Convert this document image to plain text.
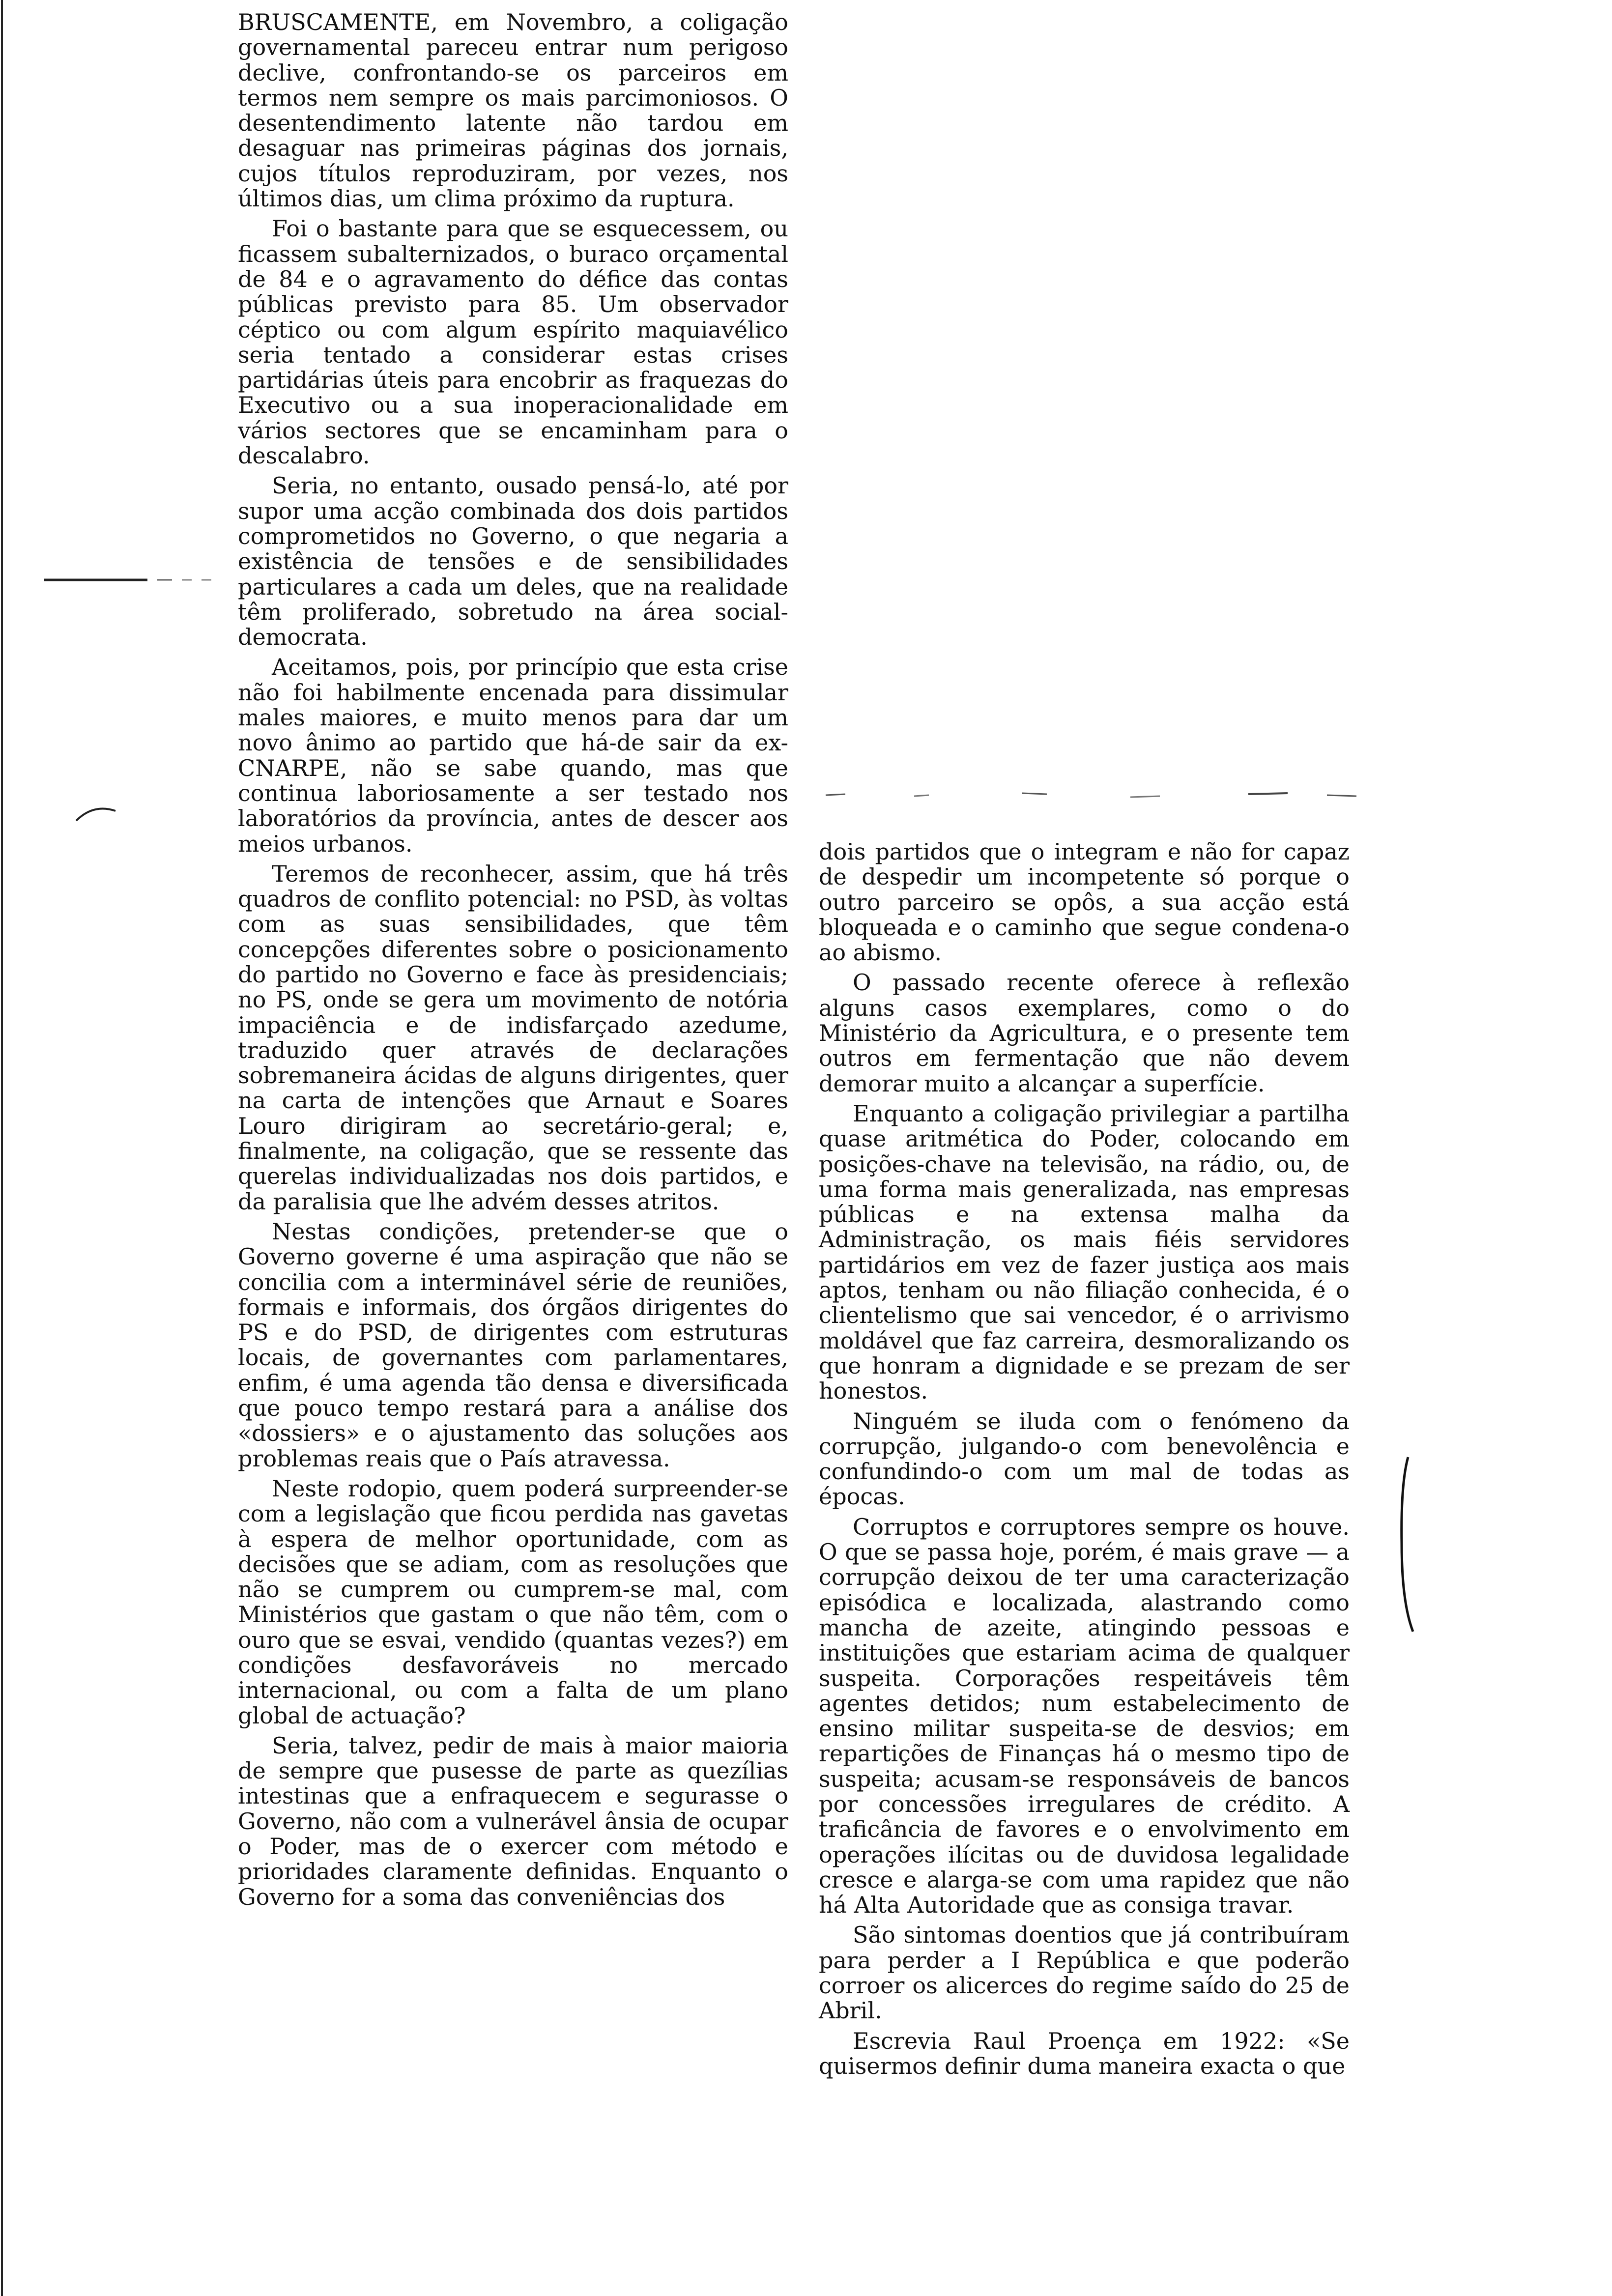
BRUSCAMENTE, em Novembro, a coligação governamental pareceu entrar num perigoso declive, confrontando-se os parceiros em termos nem sempre os mais parcimoniosos. O desentendimento latente não tardou em desaguar nas primeiras páginas dos jornais, cujos títulos reproduziram, por vezes, nos últimos dias, um clima próximo da ruptura.

Foi o bastante para que se esquecessem, ou ficassem subalternizados, o buraco orçamental de 84 e o agravamento do défice das contas públicas previsto para 85. Um observador céptico ou com algum espírito maquiavélico seria tentado a considerar estas crises partidárias úteis para encobrir as fraquezas do Executivo ou a sua inoperacionalidade em vários sectores que se encaminham para o descalabro.

Seria, no entanto, ousado pensá-lo, até por supor uma acção combinada dos dois partidos comprometidos no Governo, o que negaria a existência de tensões e de sensibilidades particulares a cada um deles, que na realidade têm proliferado, sobretudo na área social-democrata.

Aceitamos, pois, por princípio que esta crise não foi habilmente encenada para dissimular males maiores, e muito menos para dar um novo ânimo ao partido que há-de sair da ex-CNARPE, não se sabe quando, mas que continua laboriosamente a ser testado nos laboratórios da província, antes de descer aos meios urbanos.

Teremos de reconhecer, assim, que há três quadros de conflito potencial: no PSD, às voltas com as suas sensibilidades, que têm concepções diferentes sobre o posicionamento do partido no Governo e face às presidenciais; no PS, onde se gera um movimento de notória impaciência e de indisfarçado azedume, traduzido quer através de declarações sobremaneira ácidas de alguns dirigentes, quer na carta de intenções que Arnaut e Soares Louro dirigiram ao secretário-geral; e, finalmente, na coligação, que se ressente das querelas individualizadas nos dois partidos, e da paralisia que lhe advém desses atritos.

Nestas condições, pretender-se que o Governo governe é uma aspiração que não se concilia com a interminável série de reuniões, formais e informais, dos órgãos dirigentes do PS e do PSD, de dirigentes com estruturas locais, de governantes com parlamentares, enfim, é uma agenda tão densa e diversificada que pouco tempo restará para a análise dos «dossiers» e o ajustamento das soluções aos problemas reais que o País atravessa.

Neste rodopio, quem poderá surpreender-se com a legislação que ficou perdida nas gavetas à espera de melhor oportunidade, com as decisões que se adiam, com as resoluções que não se cumprem ou cumprem-se mal, com Ministérios que gastam o que não têm, com o ouro que se esvai, vendido (quantas vezes?) em condições desfavoráveis no mercado internacional, ou com a falta de um plano global de actuação?

Seria, talvez, pedir de mais à maior maioria de sempre que pusesse de parte as quezílias intestinas que a enfraquecem e segurasse o Governo, não com a vulnerável ânsia de ocupar o Poder, mas de o exercer com método e prioridades claramente definidas. Enquanto o Governo for a soma das conveniências dos

dois partidos que o integram e não for capaz de despedir um incompetente só porque o outro parceiro se opôs, a sua acção está bloqueada e o caminho que segue condena-o ao abismo.

O passado recente oferece à reflexão alguns casos exemplares, como o do Ministério da Agricultura, e o presente tem outros em fermentação que não devem demorar muito a alcançar a superfície.

Enquanto a coligação privilegiar a partilha quase aritmética do Poder, colocando em posições-chave na televisão, na rádio, ou, de uma forma mais generalizada, nas empresas públicas e na extensa malha da Administração, os mais fiéis servidores partidários em vez de fazer justiça aos mais aptos, tenham ou não filiação conhecida, é o clientelismo que sai vencedor, é o arrivismo moldável que faz carreira, desmoralizando os que honram a dignidade e se prezam de ser honestos.

Ninguém se iluda com o fenómeno da corrupção, julgando-o com benevolência e confundindo-o com um mal de todas as épocas.

Corruptos e corruptores sempre os houve. O que se passa hoje, porém, é mais grave — a corrupção deixou de ter uma caracterização episódica e localizada, alastrando como mancha de azeite, atingindo pessoas e instituições que estariam acima de qualquer suspeita. Corporações respeitáveis têm agentes detidos; num estabelecimento de ensino militar suspeita-se de desvios; em repartições de Finanças há o mesmo tipo de suspeita; acusam-se responsáveis de bancos por concessões irregulares de crédito. A traficância de favores e o envolvimento em operações ilícitas ou de duvidosa legalidade cresce e alarga-se com uma rapidez que não há Alta Autoridade que as consiga travar.

São sintomas doentios que já contribuíram para perder a I República e que poderão corroer os alicerces do regime saído do 25 de Abril.

Escrevia Raul Proença em 1922: «Se quisermos definir duma maneira exacta o que
